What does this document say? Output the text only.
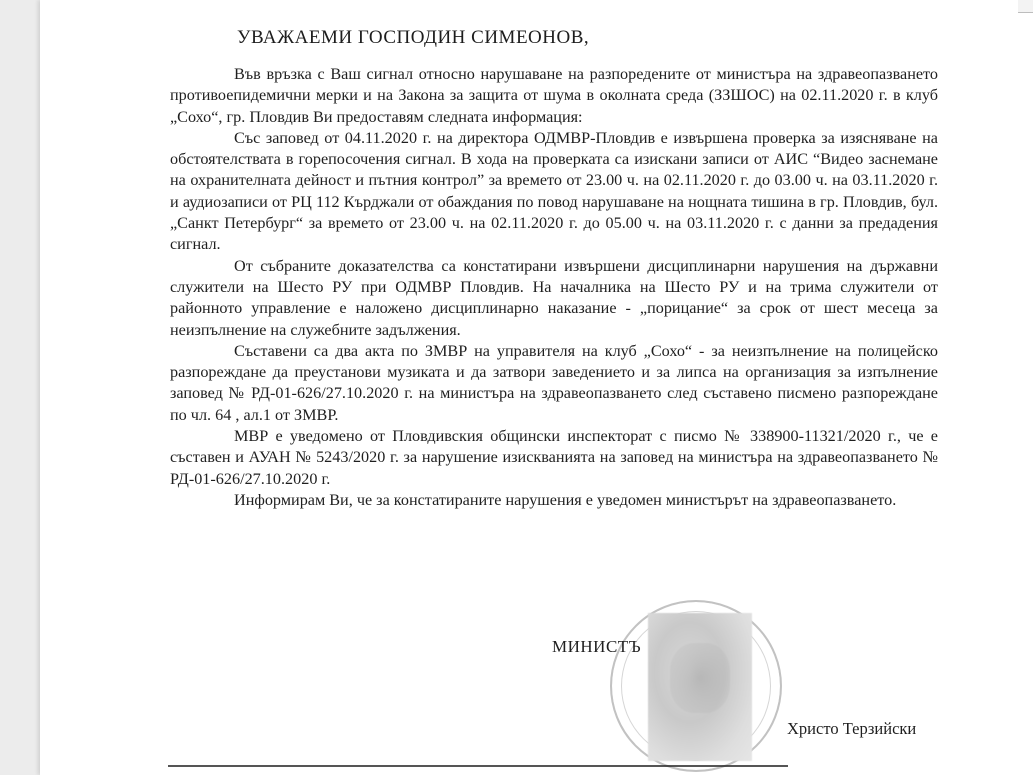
УВАЖАЕМИ ГОСПОДИН СИМЕОНОВ,

Във връзка с Ваш сигнал относно нарушаване на разпоредените от министъра на здравеопазването противоепидемични мерки и на Закона за защита от шума в околната среда (ЗЗШОС) на 02.11.2020 г. в клуб „Сохо“, гр. Пловдив Ви предоставям следната информация:

Със заповед от 04.11.2020 г. на директора ОДМВР-Пловдив е извършена проверка за изясняване на обстоятелствата в горепосочения сигнал. В хода на проверката са изискани записи от АИС “Видео заснемане на охранителната дейност и пътния контрол” за времето от 23.00 ч. на 02.11.2020 г. до 03.00 ч. на 03.11.2020 г. и аудиозаписи от РЦ 112 Кърджали от обаждания по повод нарушаване на нощната тишина в гр. Пловдив, бул. „Санкт Петербург“ за времето от 23.00 ч. на 02.11.2020 г. до 05.00 ч. на 03.11.2020 г. с данни за предадения сигнал.

От събраните доказателства са констатирани извършени дисциплинарни нарушения на държавни служители на Шесто РУ при ОДМВР Пловдив. На началника на Шесто РУ и на трима служители от районното управление е наложено дисциплинарно наказание - „порицание“ за срок от шест месеца за неизпълнение на служебните задължения.

Съставени са два акта по ЗМВР на управителя на клуб „Сохо“ - за неизпълнение на полицейско разпореждане да преустанови музиката и да затвори заведението и за липса на организация за изпълнение заповед № РД-01-626/27.10.2020 г. на министъра на здравеопазването след съставено писмено разпореждане по чл. 64 , ал.1 от ЗМВР.

МВР е уведомено от Пловдивския общински инспекторат с писмо № 338900-11321/2020 г., че е съставен и АУАН № 5243/2020 г. за нарушение изискванията на заповед на министъра на здравеопазването № РД-01-626/27.10.2020 г.

Информирам Ви, че за констатираните нарушения е уведомен министърът на здравеопазването.

МИНИСТЪ
Христо Терзийски
